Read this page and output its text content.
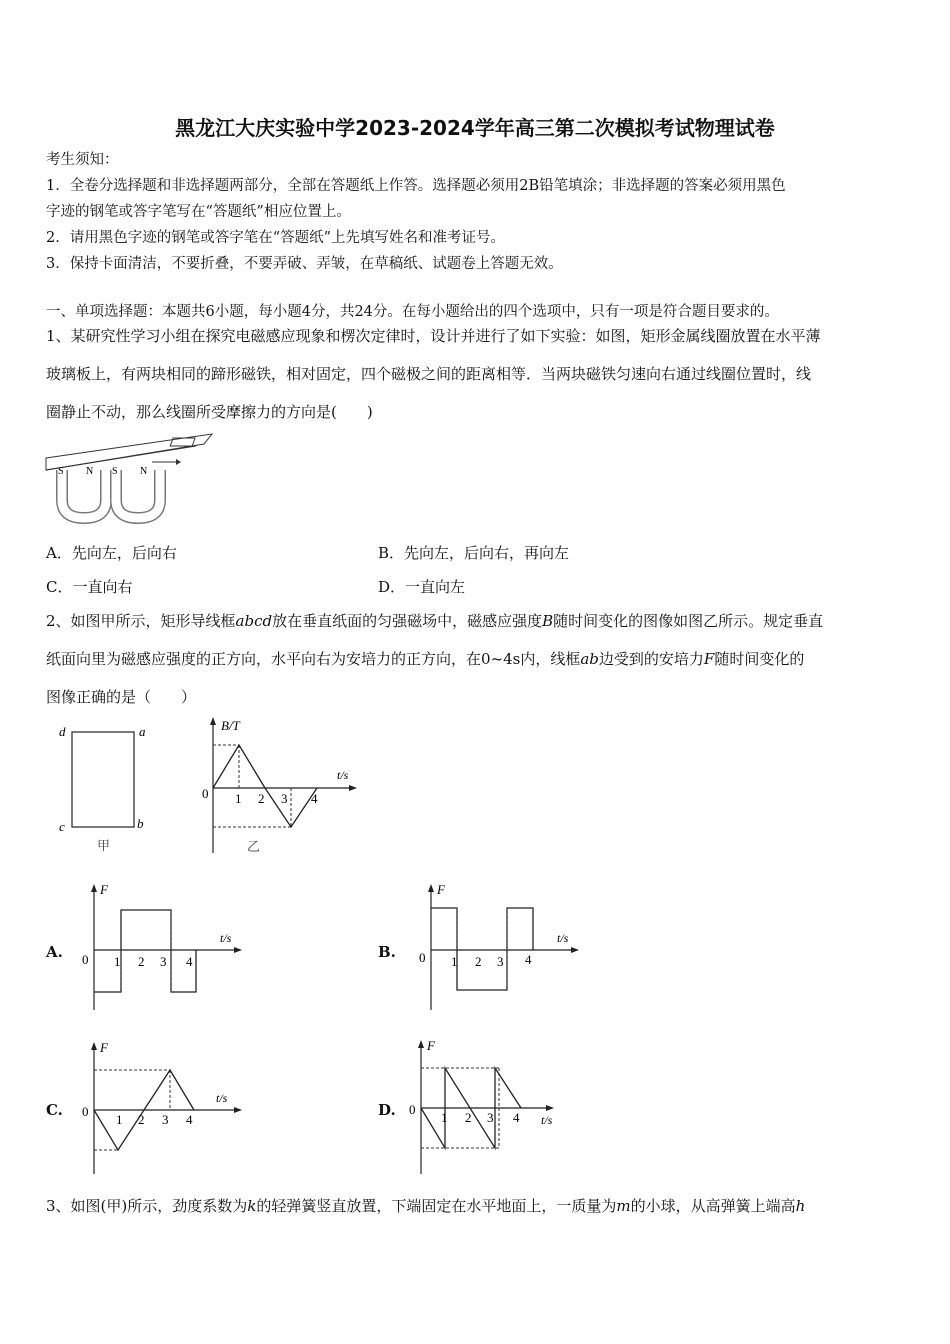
黑龙江大庆实验中学2023-2024学年高三第二次模拟考试物理试卷
考生须知：
1．全卷分选择题和非选择题两部分，全部在答题纸上作答。选择题必须用2B铅笔填涂；非选择题的答案必须用黑色
字迹的钢笔或答字笔写在“答题纸”相应位置上。
2．请用黑色字迹的钢笔或答字笔在“答题纸”上先填写姓名和准考证号。
3．保持卡面清洁，不要折叠，不要弄破、弄皱，在草稿纸、试题卷上答题无效。
一、单项选择题：本题共6小题，每小题4分，共24分。在每小题给出的四个选项中，只有一项是符合题目要求的。
1、某研究性学习小组在探究电磁感应现象和楞次定律时，设计并进行了如下实验：如图，矩形金属线圈放置在水平薄
玻璃板上，有两块相同的蹄形磁铁，相对固定，四个磁极之间的距离相等．当两块磁铁匀速向右通过线圈位置时，线
圈静止不动，那么线圈所受摩擦力的方向是(　　)
S N S N
A．先向左，后向右	B．先向左，后向右，再向左
C．一直向右	D．一直向左
2、如图甲所示，矩形导线框abcd放在垂直纸面的匀强磁场中，磁感应强度B随时间变化的图像如图乙所示。规定垂直
纸面向里为磁感应强度的正方向，水平向右为安培力的正方向，在0~4s内，线框ab边受到的安培力F随时间变化的
图像正确的是（　　）
d	a
c	b
甲
B/T
t/s
0 1 2 3 4
乙
A.
F
t/s
0 1 2 3 4
B.
F
t/s
0 1 2 3 4
C.
F
t/s
0
1 2 3 4
D.
F
t/s
0
1 2 3 4
3、如图(甲)所示，劲度系数为k的轻弹簧竖直放置，下端固定在水平地面上，一质量为m的小球，从高弹簧上端高h
